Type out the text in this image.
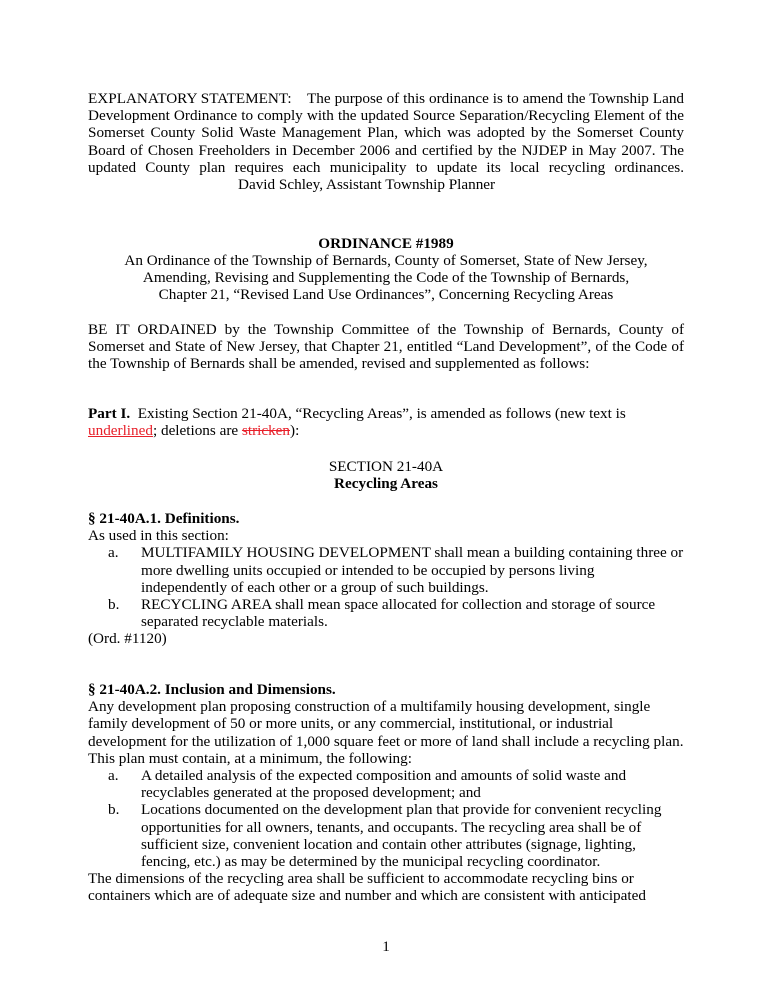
EXPLANATORY STATEMENT: The purpose of this ordinance is to amend the Township Land Development Ordinance to comply with the updated Source Separation/Recycling Element of the Somerset County Solid Waste Management Plan, which was adopted by the Somerset County Board of Chosen Freeholders in December 2006 and certified by the NJDEP in May 2007. The updated County plan requires each municipality to update its local recycling ordinances. David Schley, Assistant Township Planner
ORDINANCE #1989
An Ordinance of the Township of Bernards, County of Somerset, State of New Jersey,
Amending, Revising and Supplementing the Code of the Township of Bernards,
Chapter 21, “Revised Land Use Ordinances”, Concerning Recycling Areas
BE IT ORDAINED by the Township Committee of the Township of Bernards, County of Somerset and State of New Jersey, that Chapter 21, entitled “Land Development”, of the Code of the Township of Bernards shall be amended, revised and supplemented as follows:
Part I. Existing Section 21-40A, “Recycling Areas”, is amended as follows (new text is
underlined; deletions are stricken):
SECTION 21-40A
Recycling Areas

§ 21-40A.1. Definitions.

As used in this section:

a. MULTIFAMILY HOUSING DEVELOPMENT shall mean a building containing three or more dwelling units occupied or intended to be occupied by persons living independently of each other or a group of such buildings.
b. RECYCLING AREA shall mean space allocated for collection and storage of source separated recyclable materials.

(Ord. #1120)

§ 21-40A.2. Inclusion and Dimensions.

Any development plan proposing construction of a multifamily housing development, single family development of 50 or more units, or any commercial, institutional, or industrial development for the utilization of 1,000 square feet or more of land shall include a recycling plan. This plan must contain, at a minimum, the following:

a. A detailed analysis of the expected composition and amounts of solid waste and recyclables generated at the proposed development; and
b. Locations documented on the development plan that provide for convenient recycling opportunities for all owners, tenants, and occupants. The recycling area shall be of sufficient size, convenient location and contain other attributes (signage, lighting, fencing, etc.) as may be determined by the municipal recycling coordinator.

The dimensions of the recycling area shall be sufficient to accommodate recycling bins or containers which are of adequate size and number and which are consistent with anticipated

1
